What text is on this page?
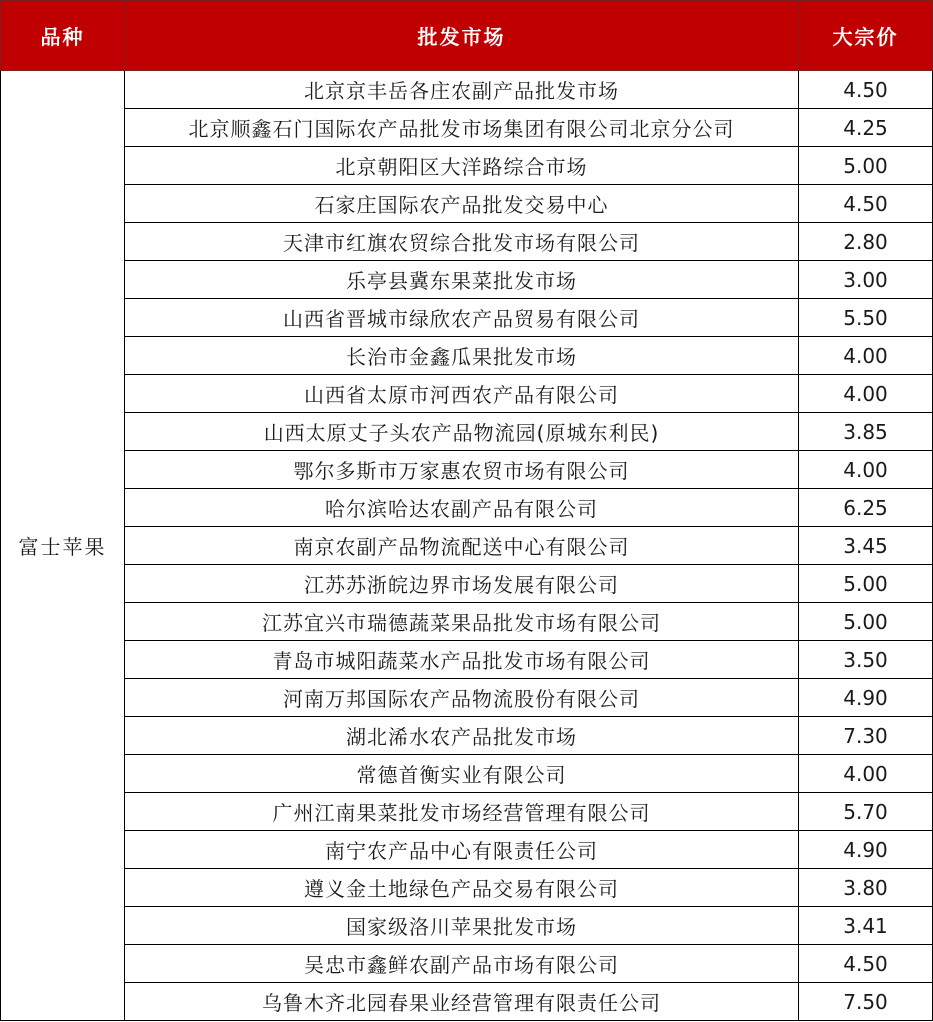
品种	批发市场	大宗价
富士苹果	北京京丰岳各庄农副产品批发市场	4.50
	北京顺鑫石门国际农产品批发市场集团有限公司北京分公司	4.25
	北京朝阳区大洋路综合市场	5.00
	石家庄国际农产品批发交易中心	4.50
	天津市红旗农贸综合批发市场有限公司	2.80
	乐亭县冀东果菜批发市场	3.00
	山西省晋城市绿欣农产品贸易有限公司	5.50
	长治市金鑫瓜果批发市场	4.00
	山西省太原市河西农产品有限公司	4.00
	山西太原丈子头农产品物流园(原城东利民)	3.85
	鄂尔多斯市万家惠农贸市场有限公司	4.00
	哈尔滨哈达农副产品有限公司	6.25
	南京农副产品物流配送中心有限公司	3.45
	江苏苏浙皖边界市场发展有限公司	5.00
	江苏宜兴市瑞德蔬菜果品批发市场有限公司	5.00
	青岛市城阳蔬菜水产品批发市场有限公司	3.50
	河南万邦国际农产品物流股份有限公司	4.90
	湖北浠水农产品批发市场	7.30
	常德首衡实业有限公司	4.00
	广州江南果菜批发市场经营管理有限公司	5.70
	南宁农产品中心有限责任公司	4.90
	遵义金土地绿色产品交易有限公司	3.80
	国家级洛川苹果批发市场	3.41
	吴忠市鑫鲜农副产品市场有限公司	4.50
	乌鲁木齐北园春果业经营管理有限责任公司	7.50
